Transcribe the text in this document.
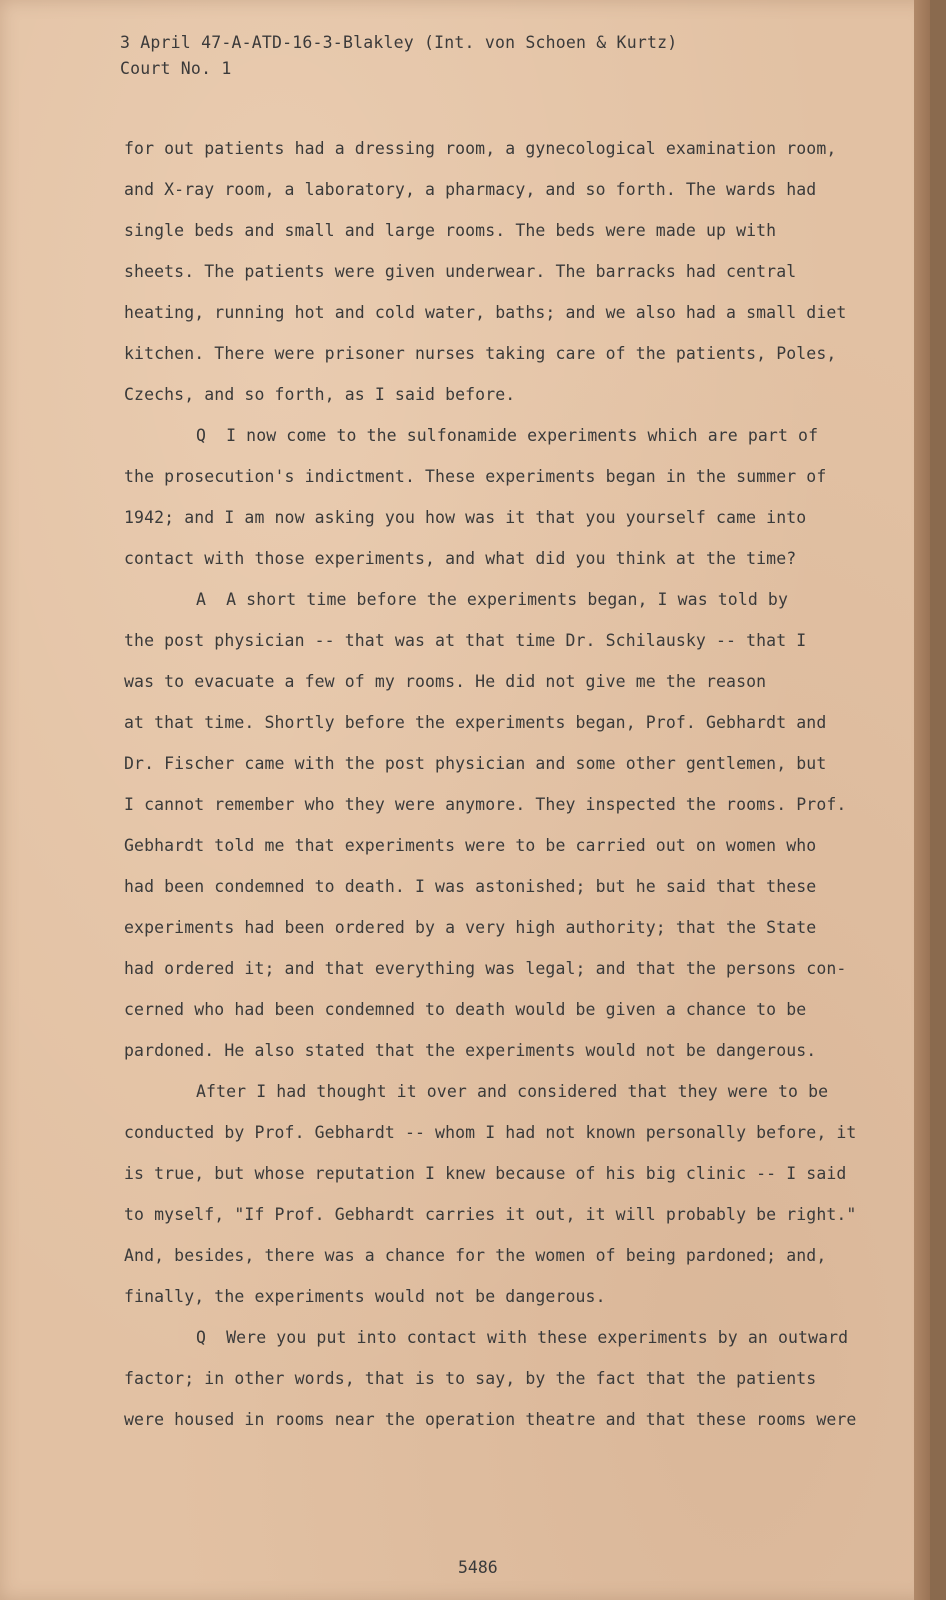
3 April 47-A-ATD-16-3-Blakley (Int. von Schoen & Kurtz)
Court No. 1
for out patients had a dressing room, a gynecological examination room,
and X-ray room, a laboratory, a pharmacy, and so forth. The wards had
single beds and small and large rooms. The beds were made up with
sheets. The patients were given underwear. The barracks had central
heating, running hot and cold water, baths; and we also had a small diet
kitchen. There were prisoner nurses taking care of the patients, Poles,
Czechs, and so forth, as I said before.
Q  I now come to the sulfonamide experiments which are part of
the prosecution's indictment. These experiments began in the summer of
1942; and I am now asking you how was it that you yourself came into
contact with those experiments, and what did you think at the time?
A  A short time before the experiments began, I was told by
the post physician -- that was at that time Dr. Schilausky -- that I
was to evacuate a few of my rooms. He did not give me the reason
at that time. Shortly before the experiments began, Prof. Gebhardt and
Dr. Fischer came with the post physician and some other gentlemen, but
I cannot remember who they were anymore. They inspected the rooms. Prof.
Gebhardt told me that experiments were to be carried out on women who
had been condemned to death. I was astonished; but he said that these
experiments had been ordered by a very high authority; that the State
had ordered it; and that everything was legal; and that the persons con-
cerned who had been condemned to death would be given a chance to be
pardoned. He also stated that the experiments would not be dangerous.
After I had thought it over and considered that they were to be
conducted by Prof. Gebhardt -- whom I had not known personally before, it
is true, but whose reputation I knew because of his big clinic -- I said
to myself, "If Prof. Gebhardt carries it out, it will probably be right."
And, besides, there was a chance for the women of being pardoned; and,
finally, the experiments would not be dangerous.
Q  Were you put into contact with these experiments by an outward
factor; in other words, that is to say, by the fact that the patients
were housed in rooms near the operation theatre and that these rooms were
5486
